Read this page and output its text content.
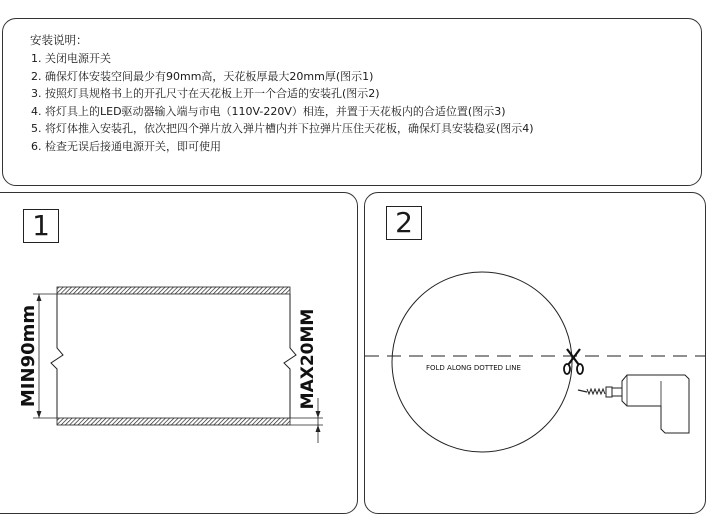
安装说明：
1. 关闭电源开关
2. 确保灯体安装空间最少有90mm高，天花板厚最大20mm厚(图示1)
3. 按照灯具规格书上的开孔尺寸在天花板上开一个合适的安装孔(图示2)
4. 将灯具上的LED驱动器输入端与市电（110V-220V）相连，并置于天花板内的合适位置(图示3)
5. 将灯体推入安装孔，依次把四个弹片放入弹片槽内并下拉弹片压住天花板，确保灯具安装稳妥(图示4)
6. 检查无误后接通电源开关，即可使用
1
MIN90mm	MAX20MM
2
FOLD ALONG DOTTED LINE
